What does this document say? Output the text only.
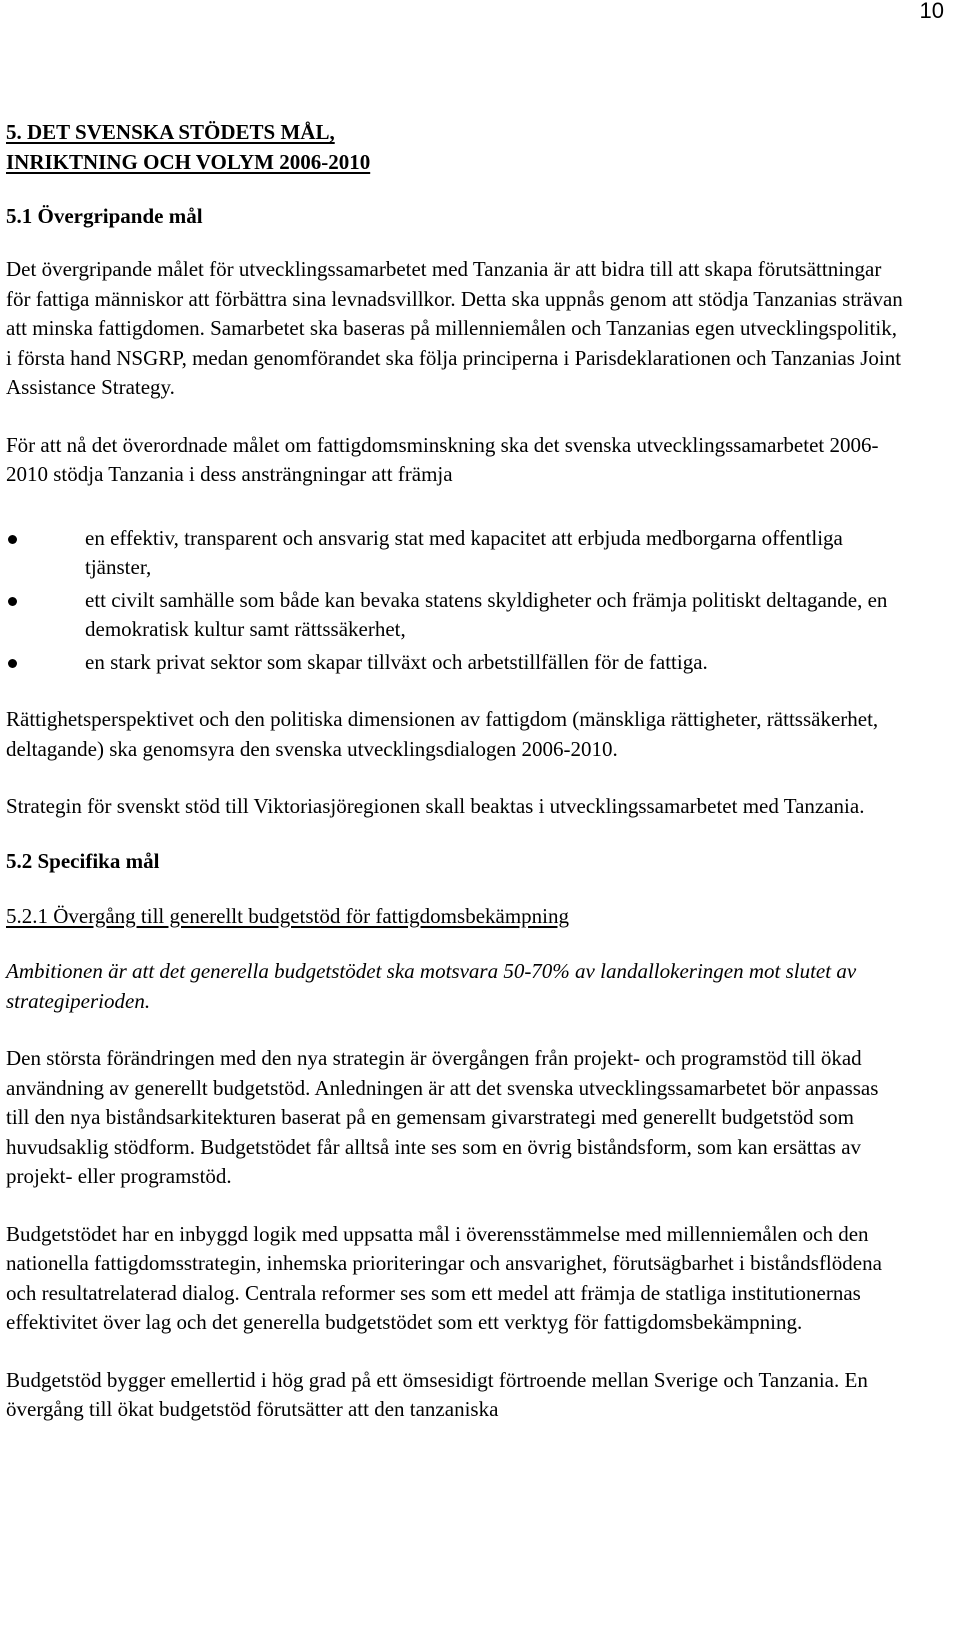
10
5. DET SVENSKA STÖDETS MÅL,
INRIKTNING OCH VOLYM 2006-2010
5.1 Övergripande mål

Det övergripande målet för utvecklingssamarbetet med Tanzania är att bidra till att skapa förutsättningar för fattiga människor att förbättra sina levnadsvillkor. Detta ska uppnås genom att stödja Tanzanias strävan att minska fattigdomen. Samarbetet ska baseras på millenniemålen och Tanzanias egen utvecklingspolitik, i första hand NSGRP, medan genomförandet ska följa principerna i Parisdeklarationen och Tanzanias Joint Assistance Strategy.

För att nå det överordnade målet om fattigdomsminskning ska det svenska utvecklingssamarbetet 2006-2010 stödja Tanzania i dess ansträngningar att främja

en effektiv, transparent och ansvarig stat med kapacitet att erbjuda medborgarna offentliga tjänster,
ett civilt samhälle som både kan bevaka statens skyldigheter och främja politiskt deltagande, en demokratisk kultur samt rättssäkerhet,
en stark privat sektor som skapar tillväxt och arbetstillfällen för de fattiga.

Rättighetsperspektivet och den politiska dimensionen av fattigdom (mänskliga rättigheter, rättssäkerhet, deltagande) ska genomsyra den svenska utvecklingsdialogen 2006-2010.

Strategin för svenskt stöd till Viktoriasjöregionen skall beaktas i utvecklingssamarbetet med Tanzania.

5.2 Specifika mål

5.2.1 Övergång till generellt budgetstöd för fattigdomsbekämpning

Ambitionen är att det generella budgetstödet ska motsvara 50-70% av landallokeringen mot slutet av strategiperioden.

Den största förändringen med den nya strategin är övergången från projekt- och programstöd till ökad användning av generellt budgetstöd. Anledningen är att det svenska utvecklingssamarbetet bör anpassas till den nya biståndsarkitekturen baserat på en gemensam givarstrategi med generellt budgetstöd som huvudsaklig stödform. Budgetstödet får alltså inte ses som en övrig biståndsform, som kan ersättas av projekt- eller programstöd.

Budgetstödet har en inbyggd logik med uppsatta mål i överensstämmelse med millenniemålen och den nationella fattigdomsstrategin, inhemska prioriteringar och ansvarighet, förutsägbarhet i biståndsflödena och resultatrelaterad dialog. Centrala reformer ses som ett medel att främja de statliga institutionernas effektivitet över lag och det generella budgetstödet som ett verktyg för fattigdomsbekämpning.

Budgetstöd bygger emellertid i hög grad på ett ömsesidigt förtroende mellan Sverige och Tanzania. En övergång till ökat budgetstöd förutsätter att den tanzaniska
